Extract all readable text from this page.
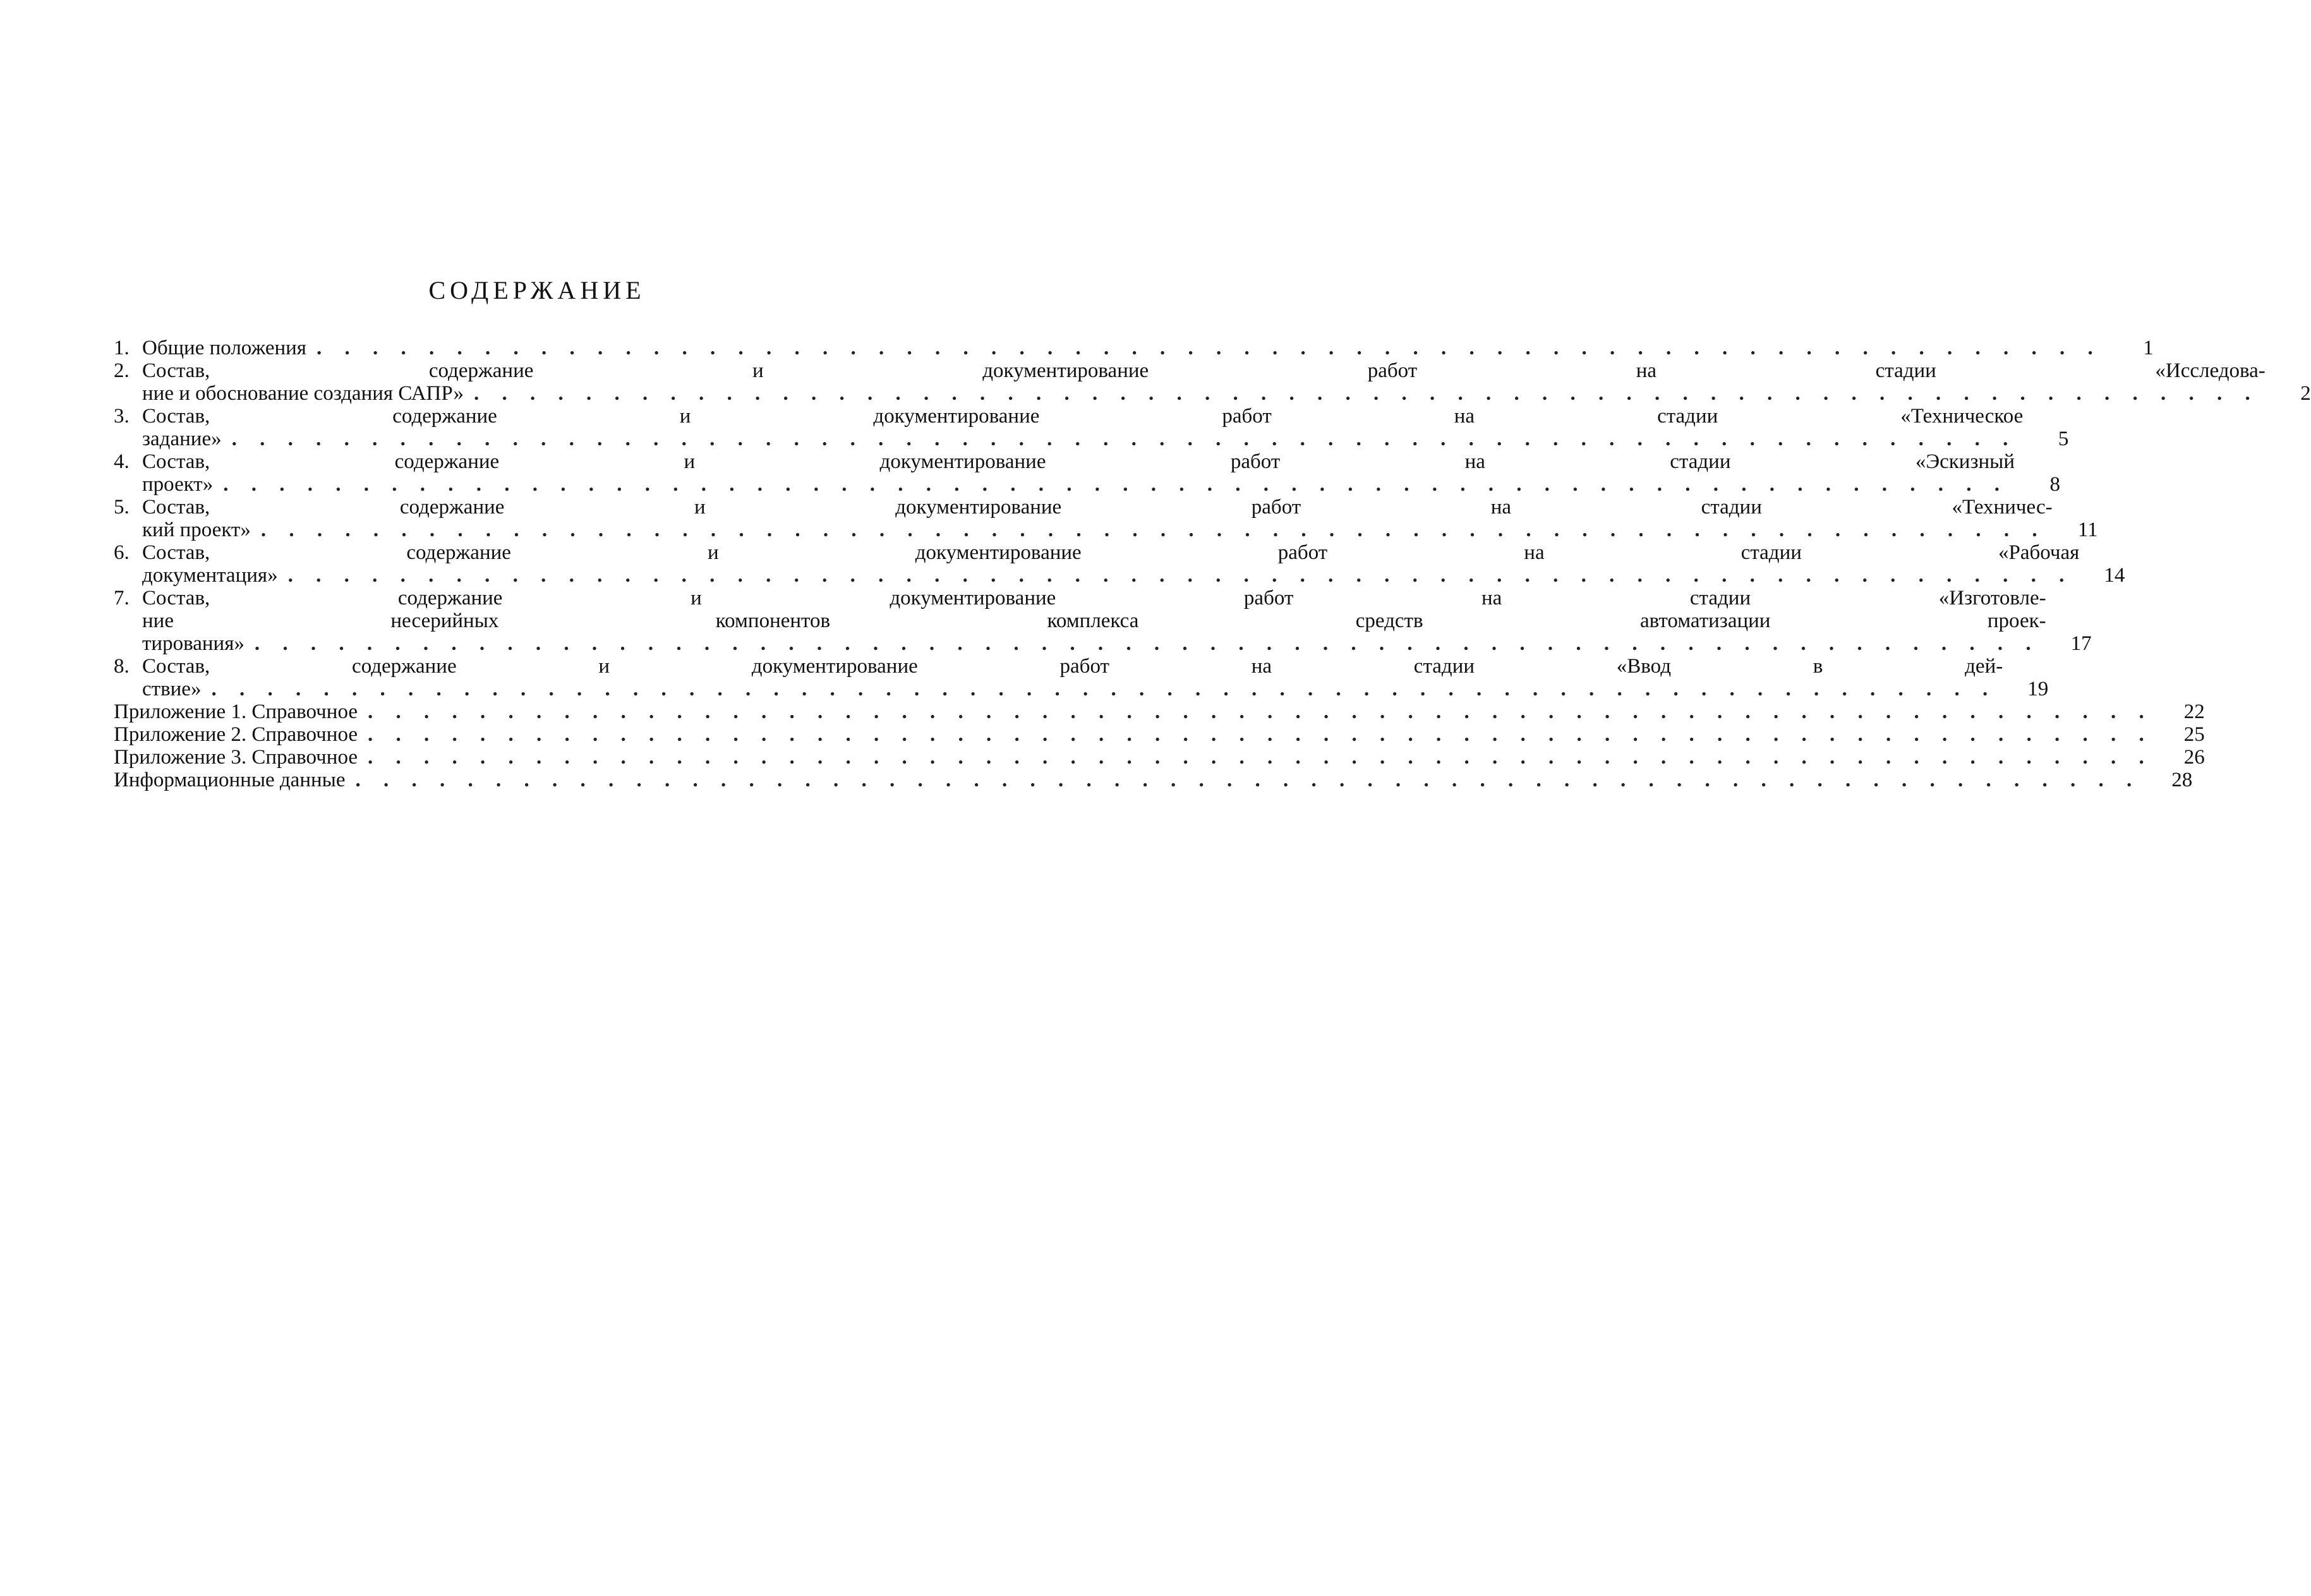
СОДЕРЖАНИЕ
1. Общие положения . . .	1
2. Состав, содержание и документирование работ на стадии «Исследова-
ние и обоснование создания САПР» . . .	2
3. Состав, содержание и документирование работ на стадии «Техническое
задание» . . .	5
4. Состав, содержание и документирование работ на стадии «Эскизный
проект» . . .	8
5. Состав, содержание и документирование работ на стадии «Техничес-
кий проект» . . .	11
6. Состав, содержание и документирование работ на стадии «Рабочая
документация» . . .	14
7. Состав, содержание и документирование работ на стадии «Изготовле-
ние несерийных компонентов комплекса средств автоматизации проек-
тирования» . . .	17
8. Состав, содержание и документирование работ на стадии «Ввод в дей-
ствие» . . .	19
Приложение 1. Справочное . . .	22
Приложение 2. Справочное . . .	25
Приложение 3. Справочное . . .	26
Информационные данные . . .	28
